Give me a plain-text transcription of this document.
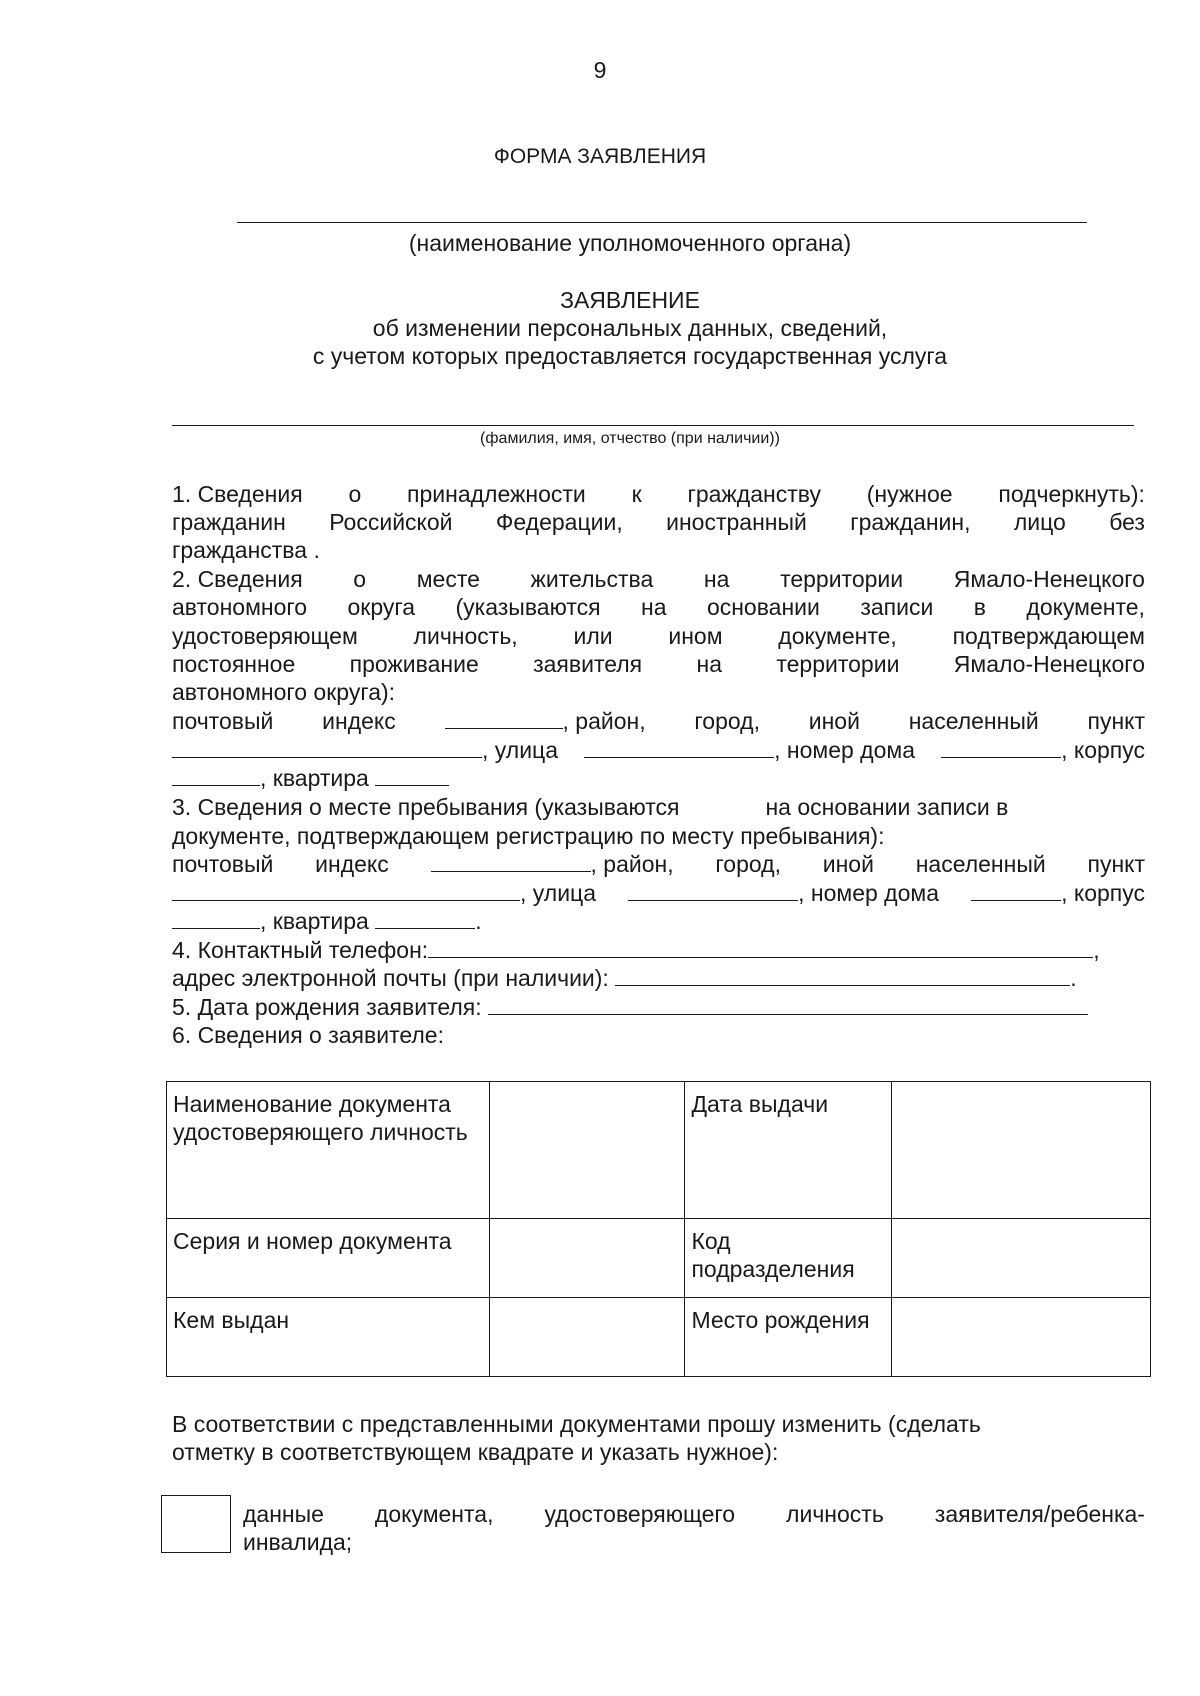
9
ФОРМА ЗАЯВЛЕНИЯ
(наименование уполномоченного органа)
ЗАЯВЛЕНИЕ
об изменении персональных данных, сведений,
с учетом которых предоставляется государственная услуга
(фамилия, имя, отчество (при наличии))
1. Сведения о принадлежности к гражданству (нужное подчеркнуть):
гражданин Российской Федерации, иностранный гражданин, лицо без
гражданства .
2. Сведения о месте жительства на территории Ямало-Ненецкого
автономного округа (указываются на основании записи в документе,
удостоверяющем личность, или ином документе, подтверждающем
постоянное проживание заявителя на территории Ямало-Ненецкого
автономного округа):
почтовый индекс	, район, город, иной населенный пункт
, улица	, номер дома	, корпус
, квартира
3. Сведения о месте пребывания (указываются	на основании записи в
документе, подтверждающем регистрацию по месту пребывания):
почтовый индекс	, район, город, иной населенный пункт
, улица	, номер дома	, корпус
, квартира	.
4. Контактный телефон:	,
адрес электронной почты (при наличии):	.
5. Дата рождения заявителя:
6. Сведения о заявителе:
Наименование документа удостоверяющего личность		Дата выдачи	
Серия и номер документа		Код подразделения	
Кем выдан		Место рождения	
В соответствии с представленными документами прошу изменить (сделать
отметку в соответствующем квадрате и указать нужное):
данные документа, удостоверяющего личность заявителя/ребенка-
инвалида;
